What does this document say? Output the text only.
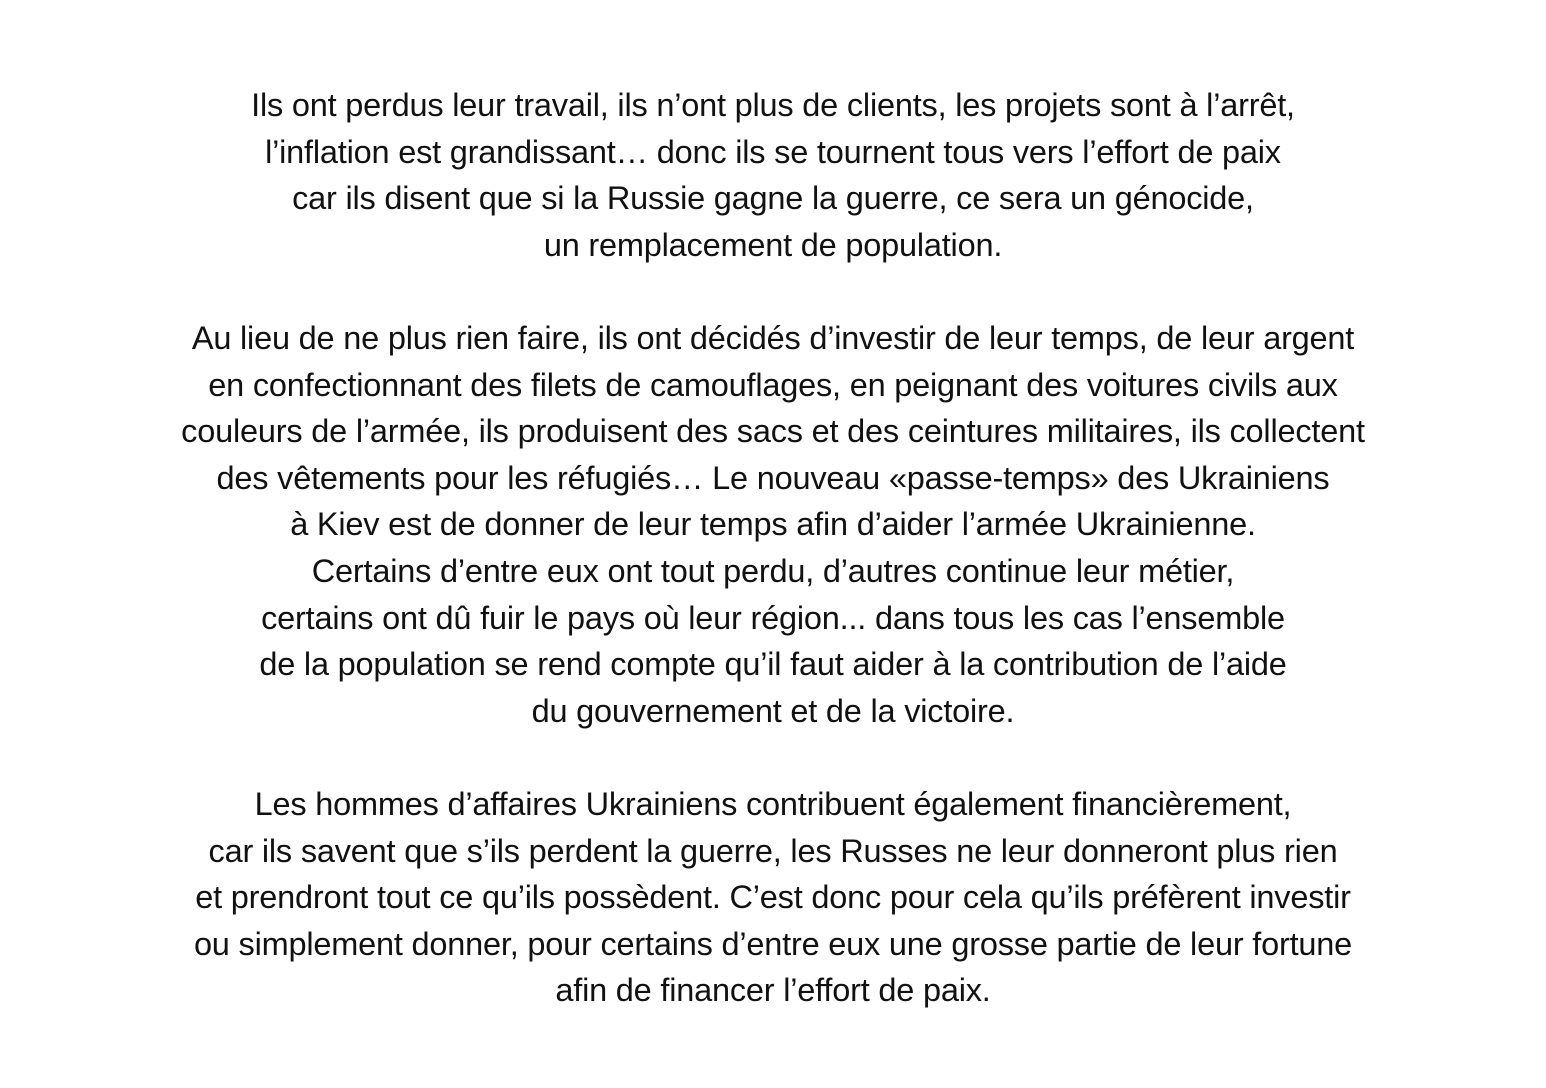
Ils ont perdus leur travail, ils n’ont plus de clients, les projets sont à l’arrêt,
l’inflation est grandissant… donc ils se tournent tous vers l’effort de paix
car ils disent que si la Russie gagne la guerre, ce sera un génocide,
un remplacement de population.

Au lieu de ne plus rien faire, ils ont décidés d’investir de leur temps, de leur argent
en confectionnant des filets de camouflages, en peignant des voitures civils aux
couleurs de l’armée, ils produisent des sacs et des ceintures militaires, ils collectent
des vêtements pour les réfugiés… Le nouveau «passe-temps» des Ukrainiens
à Kiev est de donner de leur temps afin d’aider l’armée Ukrainienne.
Certains d’entre eux ont tout perdu, d’autres continue leur métier,
certains ont dû fuir le pays où leur région... dans tous les cas l’ensemble
de la population se rend compte qu’il faut aider à la contribution de l’aide
du gouvernement et de la victoire.

Les hommes d’affaires Ukrainiens contribuent également financièrement,
car ils savent que s’ils perdent la guerre, les Russes ne leur donneront plus rien
et prendront tout ce qu’ils possèdent. C’est donc pour cela qu’ils préfèrent investir
ou simplement donner, pour certains d’entre eux une grosse partie de leur fortune
afin de financer l’effort de paix.
